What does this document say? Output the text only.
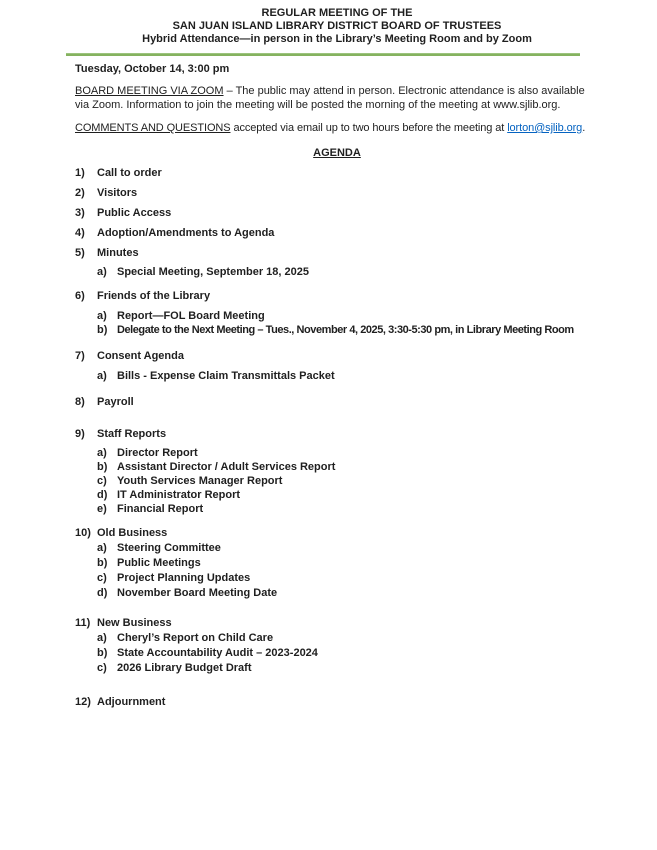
REGULAR MEETING OF THE
SAN JUAN ISLAND LIBRARY DISTRICT BOARD OF TRUSTEES
Hybrid Attendance—in person in the Library’s Meeting Room and by Zoom
Tuesday, October 14, 3:00 pm
BOARD MEETING VIA ZOOM – The public may attend in person. Electronic attendance is also available via Zoom. Information to join the meeting will be posted the morning of the meeting at www.sjlib.org.
COMMENTS AND QUESTIONS accepted via email up to two hours before the meeting at lorton@sjlib.org.
AGENDA
1)	Call to order
2)	Visitors
3)	Public Access
4)	Adoption/Amendments to Agenda
5)	Minutes
a) Special Meeting, September 18, 2025
6)	Friends of the Library
a) Report—FOL Board Meeting
b) Delegate to the Next Meeting – Tues., November 4, 2025, 3:30-5:30 pm, in Library Meeting Room
7)	Consent Agenda
a) Bills - Expense Claim Transmittals Packet
8)	Payroll
9)	Staff Reports
a) Director Report
b) Assistant Director / Adult Services Report
c) Youth Services Manager Report
d) IT Administrator Report
e) Financial Report
10) Old Business
a) Steering Committee
b) Public Meetings
c) Project Planning Updates
d) November Board Meeting Date
11) New Business
a) Cheryl’s Report on Child Care
b) State Accountability Audit – 2023-2024
c) 2026 Library Budget Draft
12) Adjournment
